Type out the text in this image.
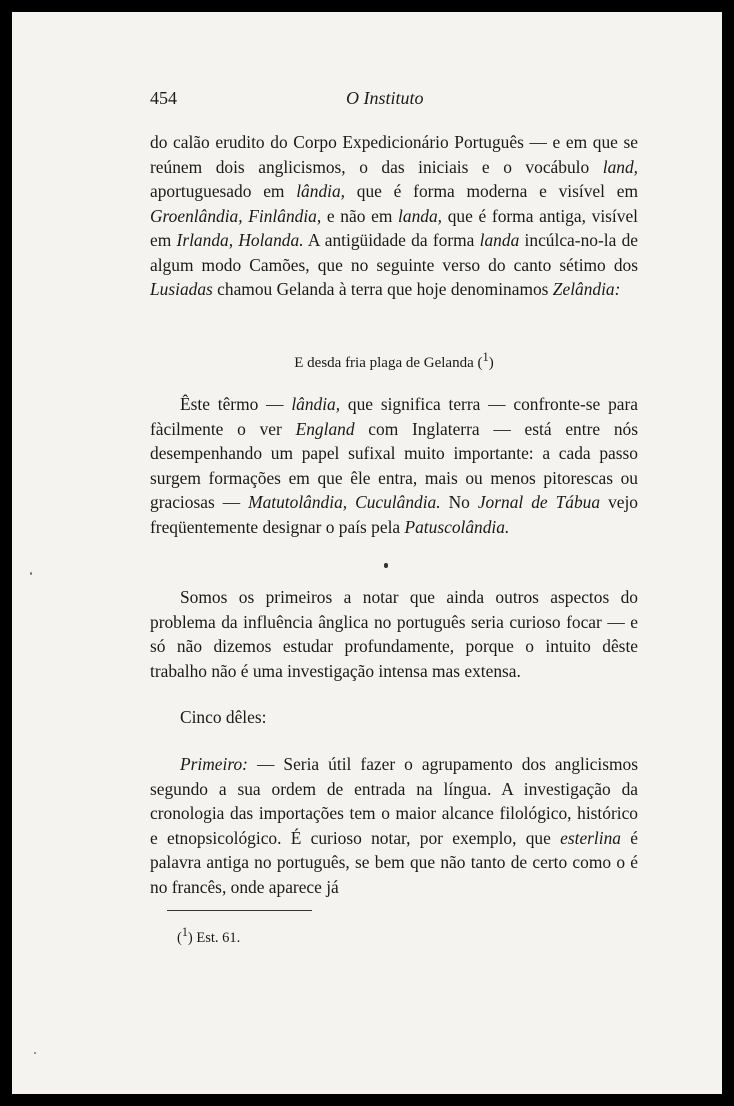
454	O Instituto
do calão erudito do Corpo Expedicionário Português — e em que se reúnem dois anglicismos, o das iniciais e o vocábulo land, aportuguesado em lândia, que é forma moderna e visível em Groenlândia, Finlândia, e não em landa, que é forma antiga, visível em Irlanda, Holanda. A antigüidade da forma landa incúlca-no-la de algum modo Camões, que no seguinte verso do canto sétimo dos Lusiadas chamou Gelanda à terra que hoje denominamos Zelândia:
E desda fria plaga de Gelanda ($^1$)
Êste têrmo — lândia, que significa terra — confronte-se para fàcilmente o ver England com Inglaterra — está entre nós desempenhando um papel sufixal muito importante: a cada passo surgem formações em que êle entra, mais ou menos pitorescas ou graciosas — Matutolândia, Cuculândia. No Jornal de Tábua vejo freqüentemente designar o país pela Patuscolândia.
Somos os primeiros a notar que ainda outros aspectos do problema da influência ânglica no português seria curioso focar — e só não dizemos estudar profundamente, porque o intuito dêste trabalho não é uma investigação intensa mas extensa.
Cinco dêles:
Primeiro: — Seria útil fazer o agrupamento dos anglicismos segundo a sua ordem de entrada na língua. A investigação da cronologia das importações tem o maior alcance filológico, histórico e etnopsicológico. É curioso notar, por exemplo, que esterlina é palavra antiga no português, se bem que não tanto de certo como o é no francês, onde aparece já
($^1$) Est. 61.
